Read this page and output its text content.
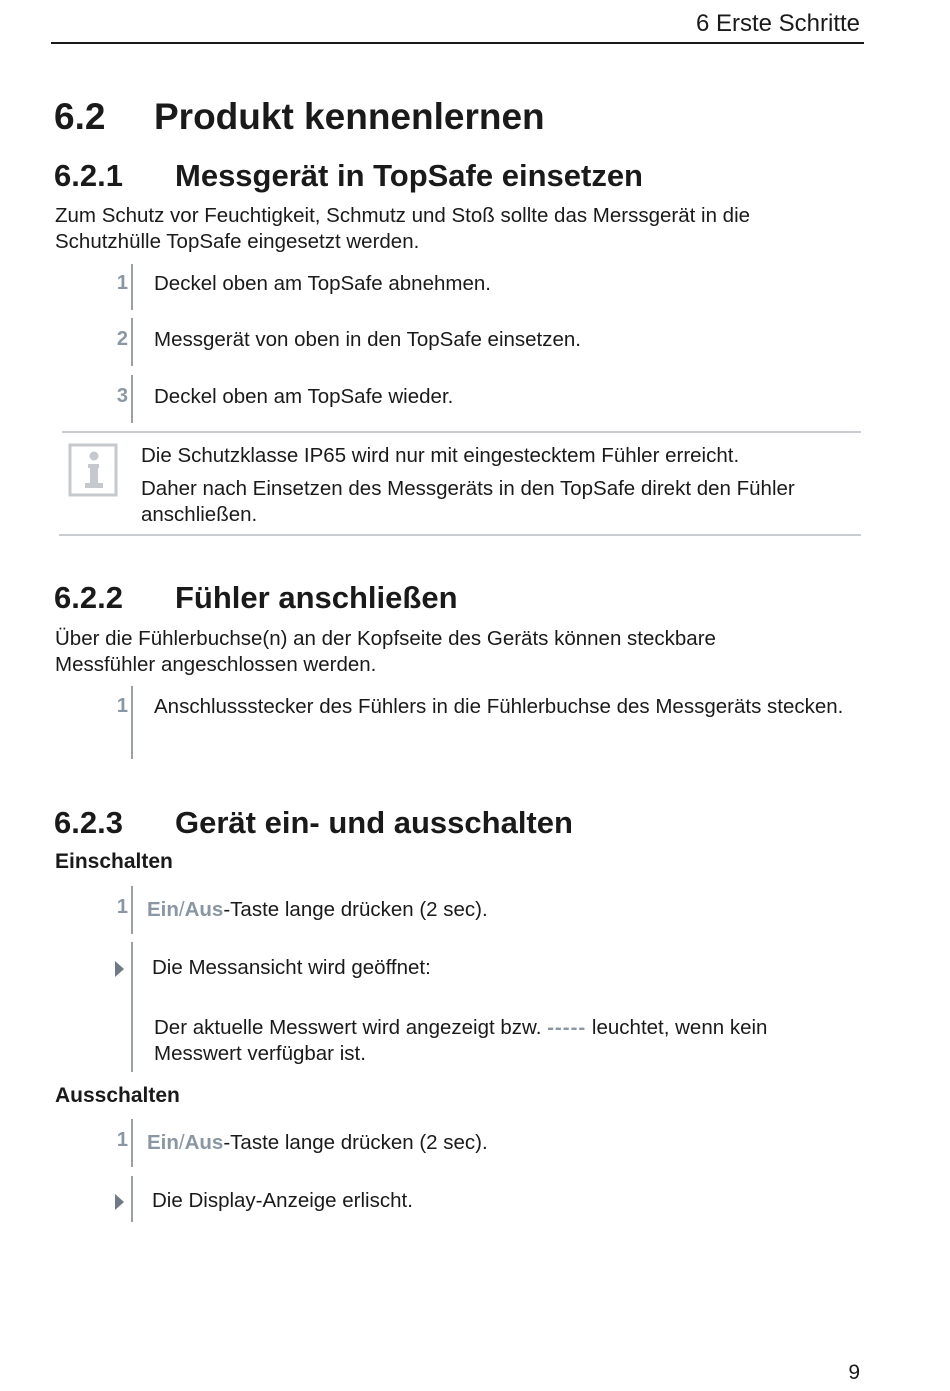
6 Erste Schritte
6.2 Produkt kennenlernen
6.2.1 Messgerät in TopSafe einsetzen
Zum Schutz vor Feuchtigkeit, Schmutz und Stoß sollte das Merssgerät in die Schutzhülle TopSafe eingesetzt werden.
1 Deckel oben am TopSafe abnehmen.
2 Messgerät von oben in den TopSafe einsetzen.
3 Deckel oben am TopSafe wieder.
Die Schutzklasse IP65 wird nur mit eingestecktem Fühler erreicht.
Daher nach Einsetzen des Messgeräts in den TopSafe direkt den Fühler anschließen.
6.2.2 Fühler anschließen
Über die Fühlerbuchse(n) an der Kopfseite des Geräts können steckbare Messfühler angeschlossen werden.
1 Anschlussstecker des Fühlers in die Fühlerbuchse des Messgeräts stecken.
6.2.3 Gerät ein- und ausschalten
Einschalten
1 Ein/Aus-Taste lange drücken (2 sec).
Die Messansicht wird geöffnet:
Der aktuelle Messwert wird angezeigt bzw. ----- leuchtet, wenn kein Messwert verfügbar ist.
Ausschalten
1 Ein/Aus-Taste lange drücken (2 sec).
Die Display-Anzeige erlischt.
9
